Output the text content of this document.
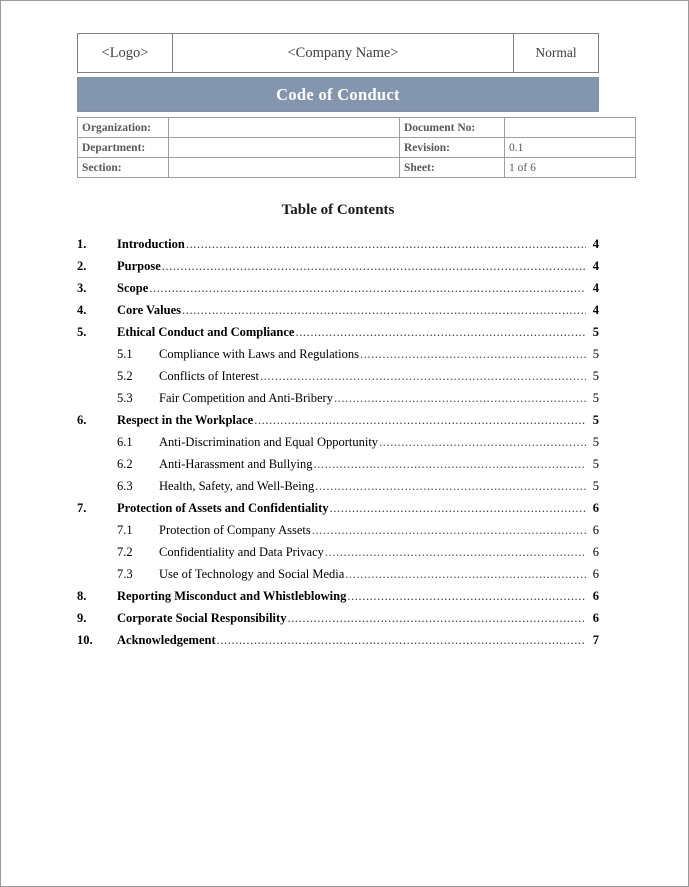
<Logo>	<Company Name>	Normal
Code of Conduct
Organization:		Document No:	
Department:		Revision:	0.1
Section:		Sheet:	1 of 6
Table of Contents
1.	Introduction .....	4
2.	Purpose .....	4
3.	Scope .....	4
4.	Core Values .....	4
5.	Ethical Conduct and Compliance .....	5
5.1	Compliance with Laws and Regulations .....	5
5.2	Conflicts of Interest .....	5
5.3	Fair Competition and Anti-Bribery .....	5
6.	Respect in the Workplace .....	5
6.1	Anti-Discrimination and Equal Opportunity .....	5
6.2	Anti-Harassment and Bullying .....	5
6.3	Health, Safety, and Well-Being .....	5
7.	Protection of Assets and Confidentiality .....	6
7.1	Protection of Company Assets .....	6
7.2	Confidentiality and Data Privacy .....	6
7.3	Use of Technology and Social Media .....	6
8.	Reporting Misconduct and Whistleblowing .....	6
9.	Corporate Social Responsibility .....	6
10.	Acknowledgement .....	7
